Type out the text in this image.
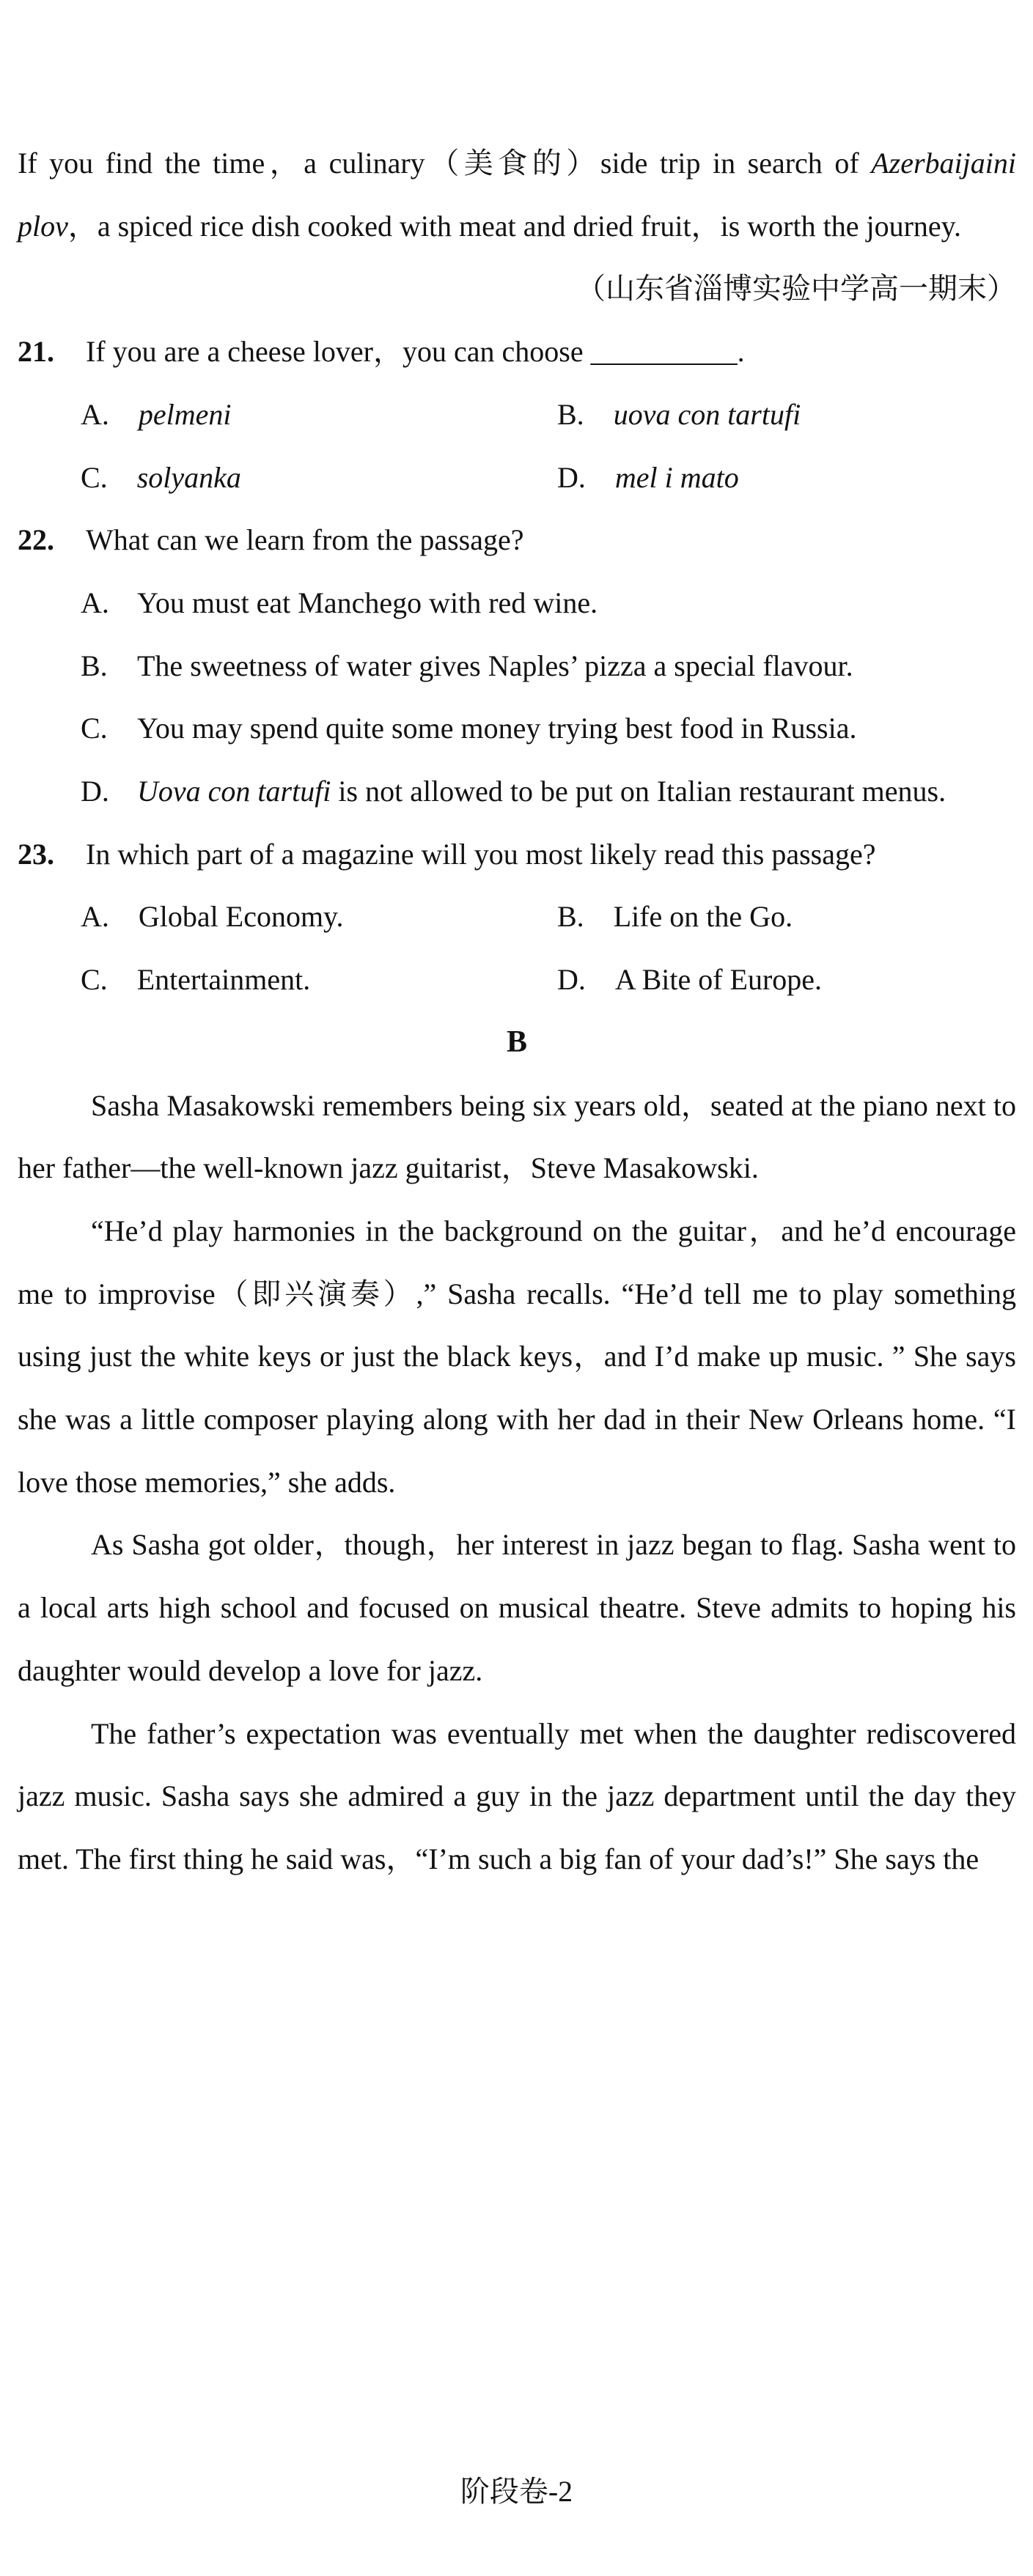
If you find the time，a culinary（美食的）side trip in search of Azerbaijaini plov，a spiced rice dish cooked with meat and dried fruit，is worth the journey.

（山东省淄博实验中学高一期末）

21. If you are a cheese lover，you can choose __________.

A. pelmeni	B. uova con tartufi

C. solyanka	D. mel i mato

22. What can we learn from the passage?

A. You must eat Manchego with red wine.

B. The sweetness of water gives Naples’ pizza a special flavour.

C. You may spend quite some money trying best food in Russia.

D. Uova con tartufi is not allowed to be put on Italian restaurant menus.

23. In which part of a magazine will you most likely read this passage?

A. Global Economy.	B. Life on the Go.

C. Entertainment.	D. A Bite of Europe.

B

Sasha Masakowski remembers being six years old，seated at the piano next to her father—the well-known jazz guitarist，Steve Masakowski.

“He’d play harmonies in the background on the guitar，and he’d encourage me to improvise（即兴演奏）,” Sasha recalls. “He’d tell me to play something using just the white keys or just the black keys，and I’d make up music. ” She says she was a little composer playing along with her dad in their New Orleans home. “I love those memories,” she adds.

As Sasha got older，though，her interest in jazz began to flag. Sasha went to a local arts high school and focused on musical theatre. Steve admits to hoping his daughter would develop a love for jazz.

The father’s expectation was eventually met when the daughter rediscovered jazz music. Sasha says she admired a guy in the jazz department until the day they met. The first thing he said was，“I’m such a big fan of your dad’s!” She says the

阶段卷-2
